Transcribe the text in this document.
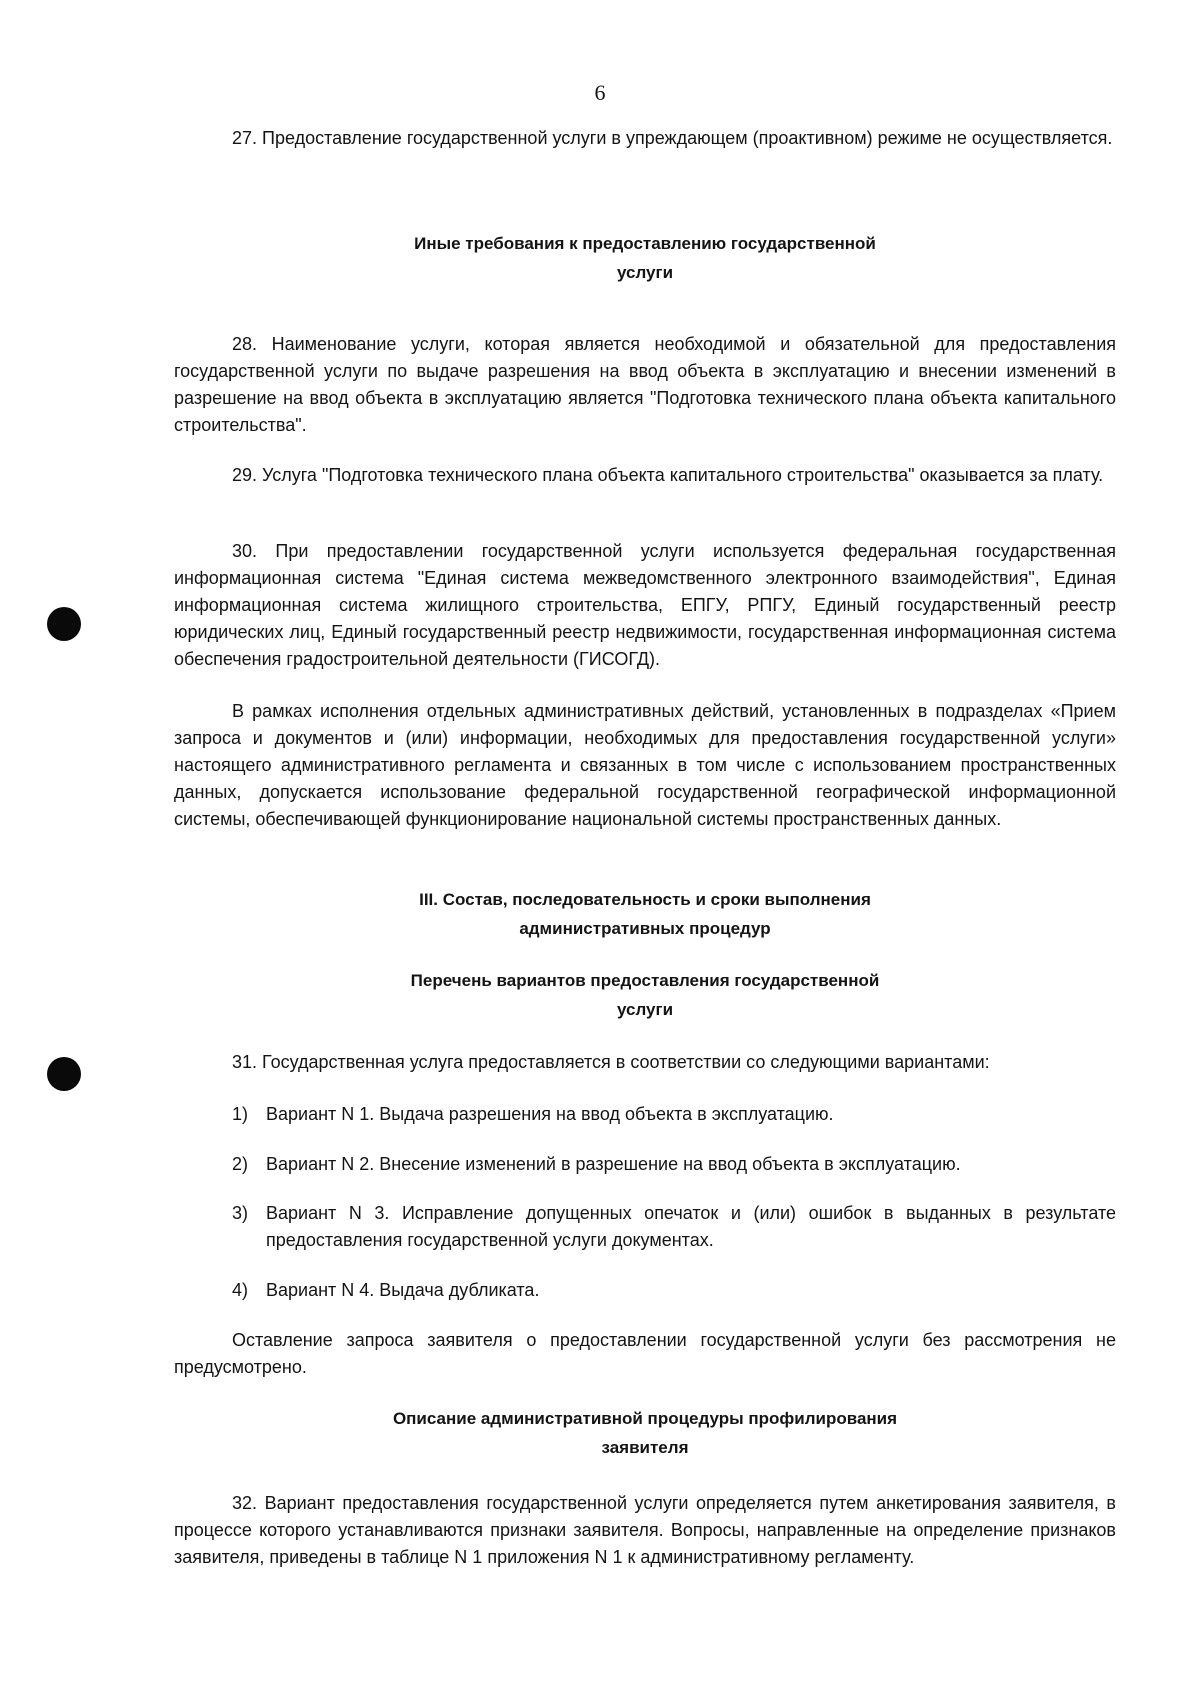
6

27. Предоставление государственной услуги в упреждающем (проактивном) режиме не осуществляется.

Иные требования к предоставлению государственной
услуги

28. Наименование услуги, которая является необходимой и обязательной для предоставления государственной услуги по выдаче разрешения на ввод объекта в эксплуатацию и внесении изменений в разрешение на ввод объекта в эксплуатацию является "Подготовка технического плана объекта капитального строительства".

29. Услуга "Подготовка технического плана объекта капитального строительства" оказывается за плату.

30. При предоставлении государственной услуги используется федеральная государственная информационная система "Единая система межведомственного электронного взаимодействия", Единая информационная система жилищного строительства, ЕПГУ, РПГУ, Единый государственный реестр юридических лиц, Единый государственный реестр недвижимости, государственная информационная система обеспечения градостроительной деятельности (ГИСОГД).

В рамках исполнения отдельных административных действий, установленных в подразделах «Прием запроса и документов и (или) информации, необходимых для предоставления государственной услуги» настоящего административного регламента и связанных в том числе с использованием пространственных данных, допускается использование федеральной государственной географической информационной системы, обеспечивающей функционирование национальной системы пространственных данных.

III. Состав, последовательность и сроки выполнения
административных процедур
Перечень вариантов предоставления государственной
услуги

31. Государственная услуга предоставляется в соответствии со следующими вариантами:

1) Вариант N 1. Выдача разрешения на ввод объекта в эксплуатацию.
2) Вариант N 2. Внесение изменений в разрешение на ввод объекта в эксплуатацию.
3) Вариант N 3. Исправление допущенных опечаток и (или) ошибок в выданных в результате предоставления государственной услуги документах.
4) Вариант N 4. Выдача дубликата.

Оставление запроса заявителя о предоставлении государственной услуги без рассмотрения не предусмотрено.

Описание административной процедуры профилирования
заявителя

32. Вариант предоставления государственной услуги определяется путем анкетирования заявителя, в процессе которого устанавливаются признаки заявителя. Вопросы, направленные на определение признаков заявителя, приведены в таблице N 1 приложения N 1 к административному регламенту.
